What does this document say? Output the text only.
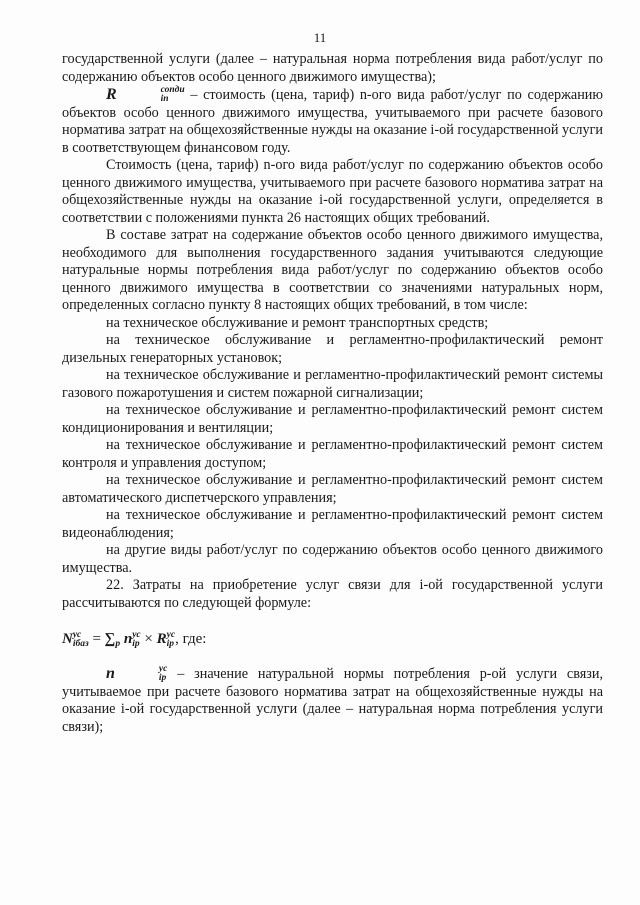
11

государственной услуги (далее – натуральная норма потребления вида работ/услуг по содержанию объектов особо ценного движимого имущества);

R	сопди
in	– стоимость (цена, тариф) n-ого вида работ/услуг по содержанию объектов особо ценного движимого имущества, учитываемого при расчете базового норматива затрат на общехозяйственные нужды на оказание i-ой государственной услуги в соответствующем финансовом году.

Стоимость (цена, тариф) n-ого вида работ/услуг по содержанию объектов особо ценного движимого имущества, учитываемого при расчете базового норматива затрат на общехозяйственные нужды на оказание i-ой государственной услуги, определяется в соответствии с положениями пункта 26 настоящих общих требований.

В составе затрат на содержание объектов особо ценного движимого имущества, необходимого для выполнения государственного задания учитываются следующие натуральные нормы потребления вида работ/услуг по содержанию объектов особо ценного движимого имущества в соответствии со значениями натуральных норм, определенных согласно пункту 8 настоящих общих требований, в том числе:

на техническое обслуживание и ремонт транспортных средств;

на техническое обслуживание и регламентно-профилактический ремонт дизельных генераторных установок;

на техническое обслуживание и регламентно-профилактический ремонт системы газового пожаротушения и систем пожарной сигнализации;

на техническое обслуживание и регламентно-профилактический ремонт систем кондиционирования и вентиляции;

на техническое обслуживание и регламентно-профилактический ремонт систем контроля и управления доступом;

на техническое обслуживание и регламентно-профилактический ремонт систем автоматического диспетчерского управления;

на техническое обслуживание и регламентно-профилактический ремонт систем видеонаблюдения;

на другие виды работ/услуг по содержанию объектов особо ценного движимого имущества.

22. Затраты на приобретение услуг связи для i-ой государственной услуги рассчитываются по следующей формуле:

N ус
iбаз = ∑
p n ус
ip × R ус
ip , где:

n	ус
ip – значение натуральной нормы потребления p-ой услуги связи, учитываемое при расчете базового норматива затрат на общехозяйственные нужды на оказание i-ой государственной услуги (далее – натуральная норма потребления услуги связи);
